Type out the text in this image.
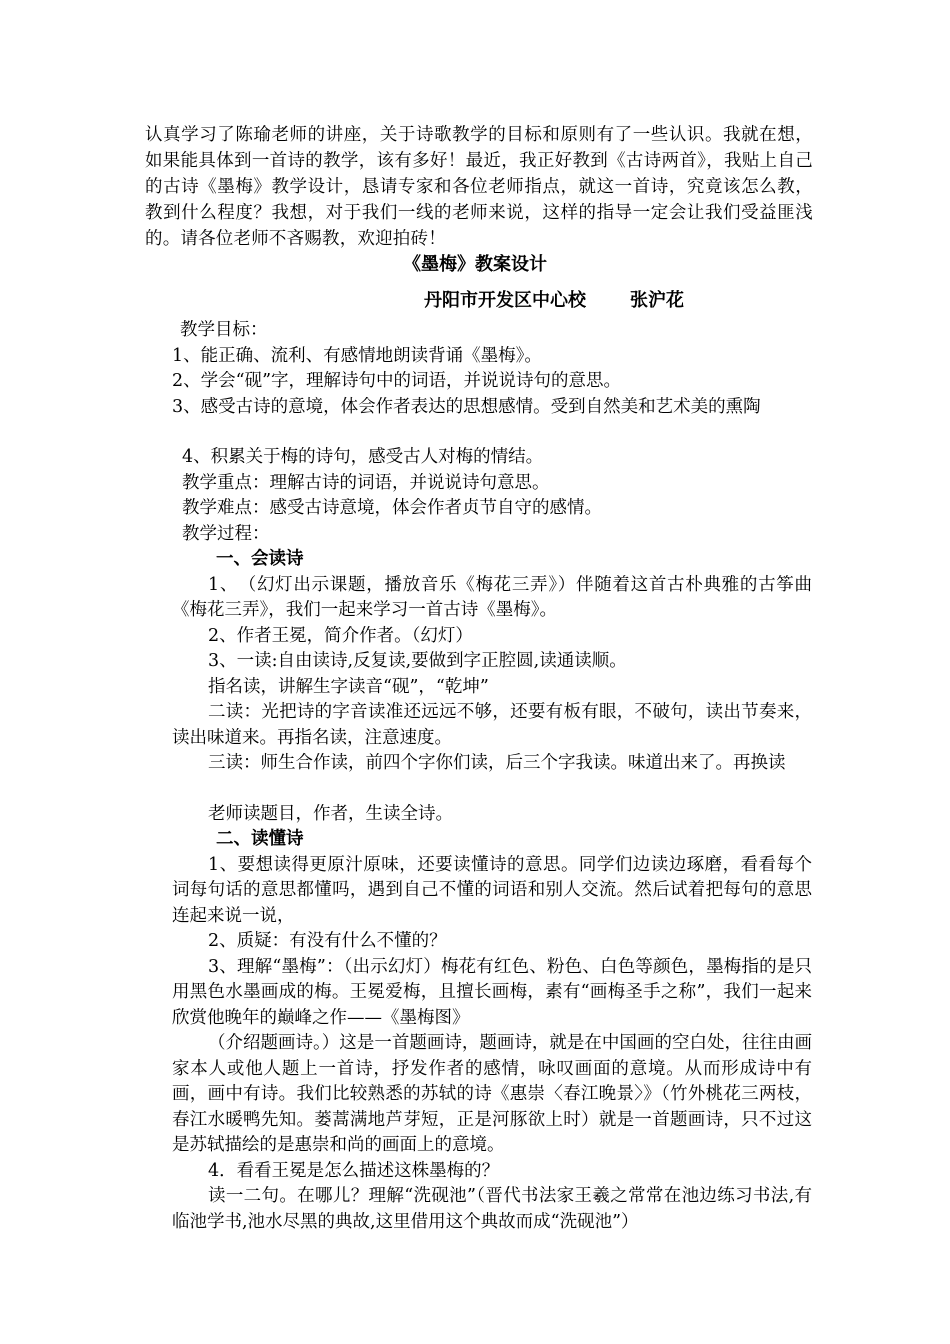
认真学习了陈瑜老师的讲座，关于诗歌教学的目标和原则有了一些认识。我就在想，如果能具体到一首诗的教学，该有多好！最近，我正好教到《古诗两首》，我贴上自己的古诗《墨梅》教学设计，恳请专家和各位老师指点，就这一首诗，究竟该怎么教，教到什么程度？我想，对于我们一线的老师来说，这样的指导一定会让我们受益匪浅的。请各位老师不吝赐教，欢迎拍砖！

《墨梅》教案设计
丹阳市开发区中心校 张沪花

教学目标：

1、能正确、流利、有感情地朗读背诵《墨梅》。

2、学会“砚”字，理解诗句中的词语，并说说诗句的意思。

3、感受古诗的意境，体会作者表达的思想感情。受到自然美和艺术美的熏陶

4、积累关于梅的诗句，感受古人对梅的情结。

教学重点：理解古诗的词语，并说说诗句意思。

教学难点：感受古诗意境，体会作者贞节自守的感情。

教学过程：

一、会读诗

1、　（幻灯出示课题，播放音乐《梅花三弄》）伴随着这首古朴典雅的古筝曲《梅花三弄》，我们一起来学习一首古诗《墨梅》。

2、作者王冕，简介作者。（幻灯）

3、一读:自由读诗,反复读,要做到字正腔圆,读通读顺。

指名读，讲解生字读音“砚”，“乾坤”

二读：光把诗的字音读准还远远不够，还要有板有眼，不破句，读出节奏来，读出味道来。再指名读，注意速度。

三读：师生合作读，前四个字你们读，后三个字我读。味道出来了。再换读

老师读题目，作者，生读全诗。

二、读懂诗

1、要想读得更原汁原味，还要读懂诗的意思。同学们边读边琢磨，看看每个词每句话的意思都懂吗，遇到自己不懂的词语和别人交流。然后试着把每句的意思连起来说一说，

2、质疑：有没有什么不懂的？

3、理解“墨梅”：（出示幻灯）梅花有红色、粉色、白色等颜色，墨梅指的是只用黑色水墨画成的梅。王冕爱梅，且擅长画梅，素有“画梅圣手之称”，我们一起来欣赏他晚年的巅峰之作——《墨梅图》

（介绍题画诗。）这是一首题画诗，题画诗，就是在中国画的空白处，往往由画家本人或他人题上一首诗，抒发作者的感情，咏叹画面的意境。从而形成诗中有画，画中有诗。我们比较熟悉的苏轼的诗《惠崇〈春江晚景〉》（竹外桃花三两枝，春江水暖鸭先知。蒌蒿满地芦芽短，正是河豚欲上时）就是一首题画诗，只不过这是苏轼描绘的是惠崇和尚的画面上的意境。

4．看看王冕是怎么描述这株墨梅的？

读一二句。在哪儿？理解“洗砚池”（晋代书法家王羲之常常在池边练习书法,有临池学书,池水尽黑的典故,这里借用这个典故而成“洗砚池”）
